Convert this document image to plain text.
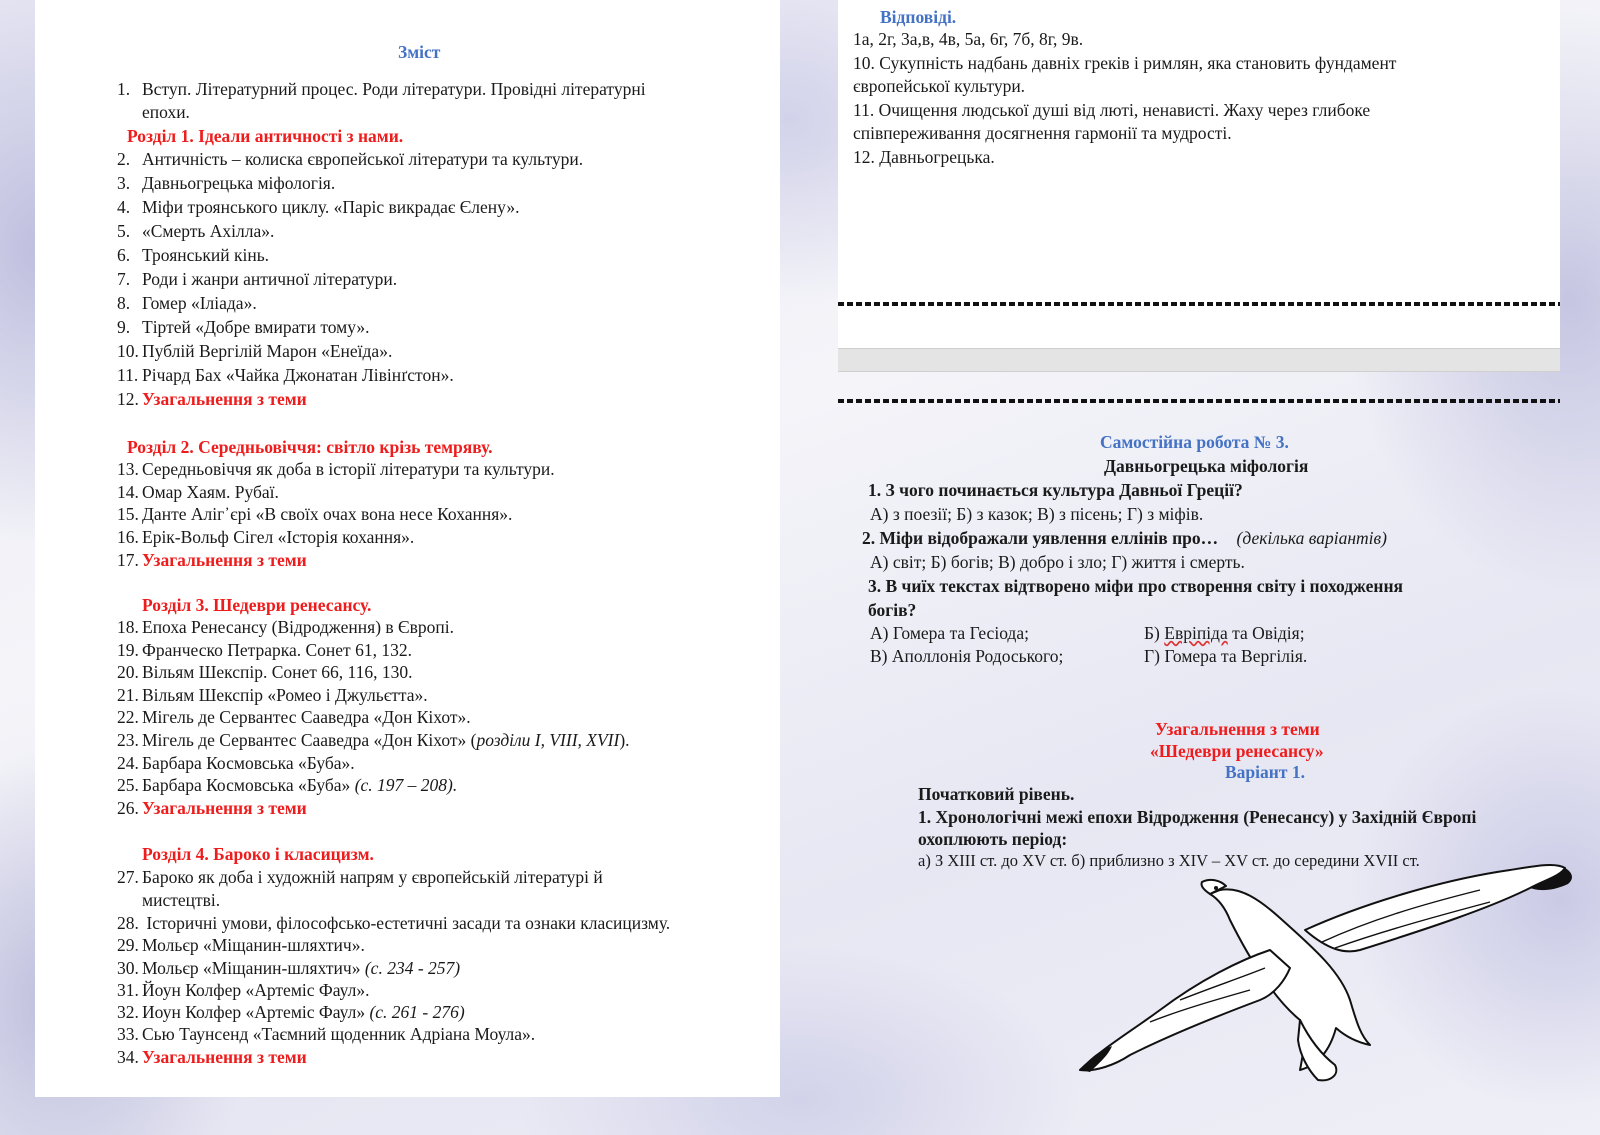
Зміст
1. Вступ. Літературний процес. Роди літератури. Провідні літературні
епохи.
Розділ 1. Ідеали античності з нами.
2. Античність – колиска європейської літератури та культури.
3. Давньогрецька міфологія.
4. Міфи троянського циклу. «Паріс викрадає Єлену».
5. «Смерть Ахілла».
6. Троянський кінь.
7. Роди і жанри античної літератури.
8. Гомер «Іліада».
9. Тіртей «Добре вмирати тому».
10. Публій Вергілій Марон «Енеїда».
11. Річард Бах «Чайка Джонатан Лівінґстон».
12. Узагальнення з теми
Розділ 2. Середньовіччя: світло крізь темряву.
13. Середньовіччя як доба в історії літератури та культури.
14. Омар Хаям. Рубаї.
15. Данте Аліг᾽єрі «В своїх очах вона несе Кохання».
16. Ерік-Вольф Сігел «Історія кохання».
17. Узагальнення з теми
Розділ 3. Шедеври ренесансу.
18. Епоха Ренесансу (Відродження) в Європі.
19. Франческо Петрарка. Сонет 61, 132.
20. Вільям Шекспір. Сонет 66, 116, 130.
21. Вільям Шекспір «Ромео і Джульєтта».
22. Мігель де Сервантес Сааведра «Дон Кіхот».
23. Мігель де Сервантес Сааведра «Дон Кіхот» (розділи І, VIII, XVII).
24. Барбара Космовська «Буба».
25. Барбара Космовська «Буба» (с. 197 – 208).
26. Узагальнення з теми
Розділ 4. Бароко і класицизм.
27. Бароко як доба і художній напрям у європейській літературі й
мистецтві.
28. Історичні умови, філософсько-естетичні засади та ознаки класицизму.
29. Мольєр «Міщанин-шляхтич».
30. Мольєр «Міщанин-шляхтич» (с. 234 - 257)
31. Йоун Колфер «Артеміс Фаул».
32. Иоун Колфер «Артеміс Фаул» (с. 261 - 276)
33. Сью Таунсенд «Таємний щоденник Адріана Моула».
34. Узагальнення з теми
Відповіді.
1а, 2г, 3а,в, 4в, 5а, 6г, 7б, 8г, 9в.
10. Сукупність надбань давніх греків і римлян, яка становить фундамент
європейської культури.
11. Очищення людської душі від люті, ненависті. Жаху через глибоке
співпереживання досягнення гармонії та мудрості.
12. Давньогрецька.
Самостійна робота № 3.
Давньогрецька міфологія
1. З чого починається культура Давньої Греції?
А) з поезії; Б) з казок; В) з пісень; Г) з міфів.
2. Міфи відображали уявлення еллінів про… (декілька варіантів)
А) світ; Б) богів; В) добро і зло; Г) життя і смерть.
3. В чиїх текстах відтворено міфи про створення світу і походження
богів?
А) Гомера та Гесіода;	Б) Евріпіда та Овідія;
В) Аполлонія Родоського;	Г) Гомера та Вергілія.
Узагальнення з теми
«Шедеври ренесансу»
Варіант 1.
Початковий рівень.
1. Хронологічні межі епохи Відродження (Ренесансу) у Західній Європі
охоплюють період:
а) З XIII ст. до XV ст. б) приблизно з XIV – XV ст. до середини XVII ст.
